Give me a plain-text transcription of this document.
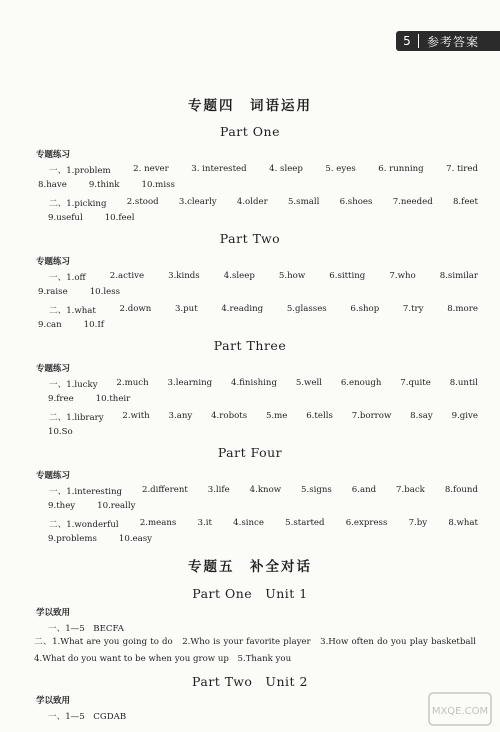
5	参考答案
专题四　词语运用
Part One
专题练习
一、1.problem	2. never	3. interested	4. sleep	5. eyes	6. running	7. tired
8.have	9.think	10.miss
二、1.picking 2.stood 3.clearly 4.older 5.small 6.shoes 7.needed 8.feet
9.useful	10.feel
Part Two
专题练习
一、1.off	2.active	3.kinds	4.sleep	5.how	6.sitting	7.who	8.similar
9.raise	10.less
二、1.what	2.down	3.put	4.reading	5.glasses	6.shop	7.try	8.more
9.can	10.If
Part Three
专题练习
一、1.lucky 2.much 3.learning 4.finishing 5.well 6.enough 7.quite 8.until
9.free	10.their
二、1.library 2.with 3.any 4.robots 5.me 6.tells 7.borrow 8.say 9.give
10.So
Part Four
专题练习
一、1.interesting 2.different 3.life 4.know 5.signs 6.and 7.back 8.found
9.they	10.really
二、1.wonderful 2.means 3.it 4.since 5.started 6.express 7.by 8.what
9.problems	10.easy
专题五　补全对话
Part One　Unit 1
学以致用
一、1—5　BECFA
二、1.What are you going to do　2.Who is your favorite player　3.How often do you play basketball　4.What do you want to be when you grow up　5.Thank you
Part Two　Unit 2
学以致用
一、1—5　CGDAB	MXQE.COM
